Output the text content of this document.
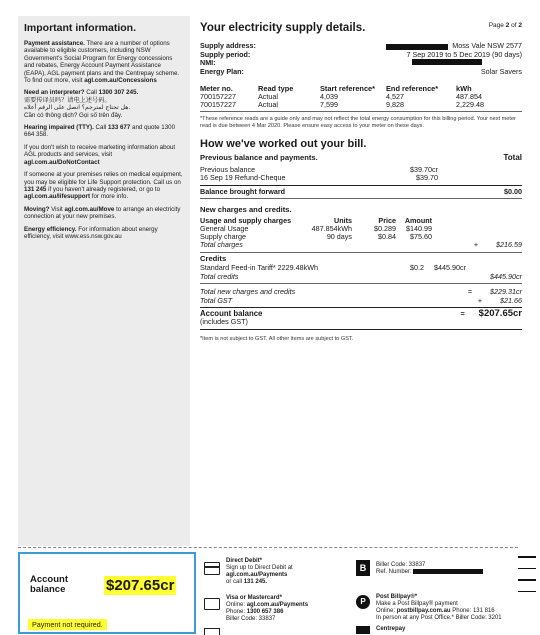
Important information.

Payment assistance. There are a number of options available to eligible customers, including NSW Government's Social Program for Energy concessions and rebates, Energy Account Payment Assistance (EAPA), AGL payment plans and the Centrepay scheme. To find out more, visit agl.com.au/Concessions

Need an interpreter? Call 1300 307 245.
需要传译员吗？请电上述号码。
هل تحتاج لمترجم؟ اتصل على الرقم أعلاه.
Cần có thông dịch? Gọi số trên đây.

Hearing impaired (TTY). Call 133 677 and quote 1300 664 358.

If you don't wish to receive marketing information about AGL products and services, visit agl.com.au/DoNotContact

If someone at your premises relies on medical equipment, you may be eligible for Life Support protection. Call us on 131 245 if you haven't already registered, or go to agl.com.au/lifesupport for more info.

Moving? Visit agl.com.au/Move to arrange an electricity connection at your new premises.

Energy efficiency. For information about energy efficiency, visit www.ess.nsw.gov.au

Page 2 of 2
Your electricity supply details.
Supply address:	Moss Vale NSW 2577
Supply period:	7 Sep 2019 to 5 Dec 2019 (90 days)
NMI:
Energy Plan:	Solar Savers
Meter no.	Read type	Start reference*	End reference*	kWh
700157227	Actual	4,039	4,527	487.854
700157227	Actual	7,599	9,828	2,229.48
*These reference reads are a guide only and may not reflect the total energy consumption for this billing period. Your next meter read is due between 4 Mar 2020. Please ensure easy access to your meter on these days.
How we've worked out your bill.
Previous balance and payments.	Total
Previous balance	$39.70cr
16 Sep 19 Refund-Cheque	$39.70
Balance brought forward	$0.00
New charges and credits.
Usage and supply charges	Units	Price	Amount	
General Usage	487.854kWh	$0.289	$140.99	
Supply charge	90 days	$0.84	$75.60	
Total charges	+	$216.59
Credits
Standard Feed-in Tariff* 2229.48kWh	$0.2 $445.90cr
Total credits	$445.90cr
Total new charges and credits	=	$229.31cr
Total GST	+	$21.66
Account balance
(includes GST)
= $207.65cr
*Item is not subject to GST. All other items are subject to GST.
Account
balance	$207.65cr
Payment not required.
Direct Debit*
Sign up to Direct Debit at
agl.com.au/Payments
or call 131 245.

Visa or Mastercard*
Online: agl.com.au/Payments
Phone: 1300 657 386
Biller Code: 33837
B	Biller Code: 33837
Ref. Number:
P	Post Billpay®*
Make a Post Billpay® payment
Online: postbillpay.com.au Phone: 131 816
In person at any Post Office.* Biller Code: 3201
Centrepay
